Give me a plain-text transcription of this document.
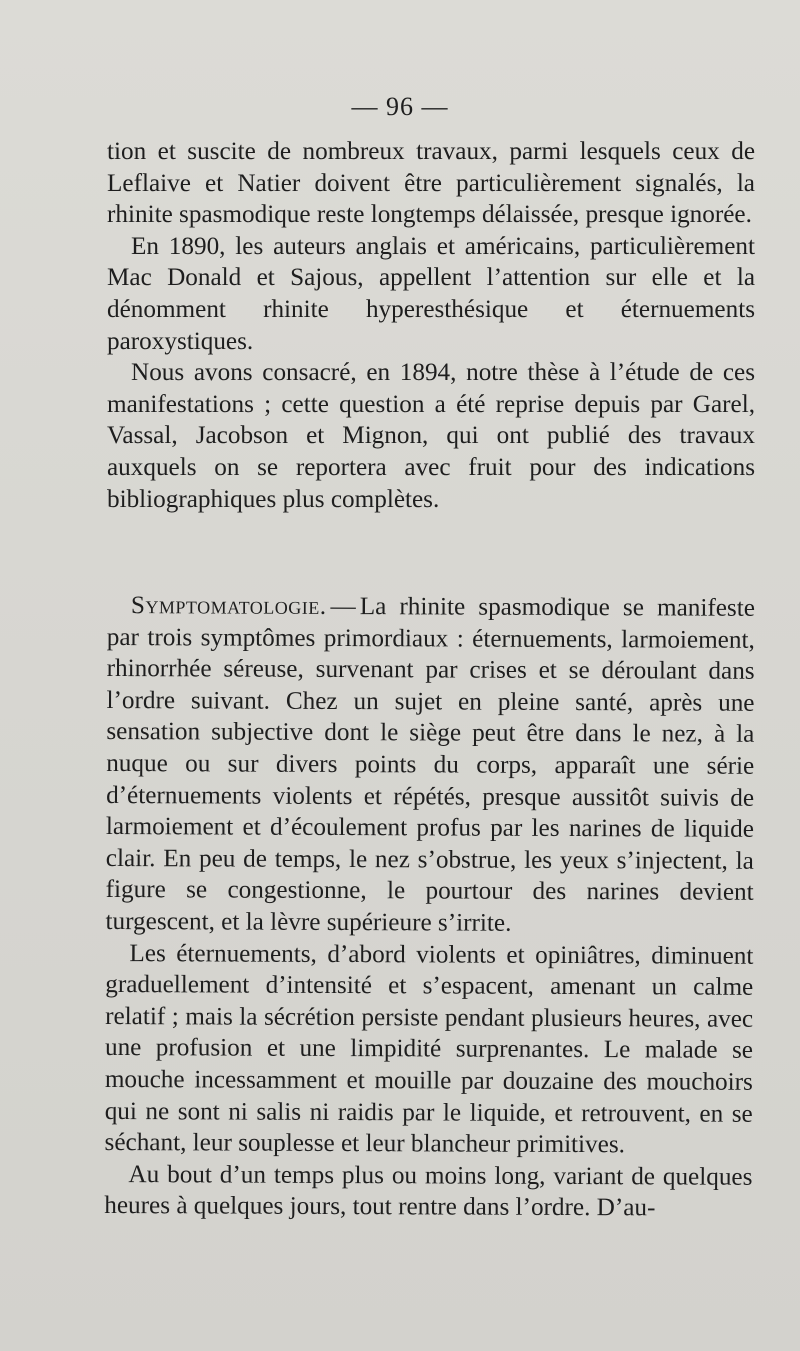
— 96 —

tion et suscite de nombreux travaux, parmi lesquels ceux de Leflaive et Natier doivent être particulièrement signalés, la rhinite spasmodique reste longtemps délaissée, presque ignorée.

En 1890, les auteurs anglais et américains, particulièrement Mac Donald et Sajous, appellent l’attention sur elle et la dénomment rhinite hyperesthésique et éternuements paroxystiques.

Nous avons consacré, en 1894, notre thèse à l’étude de ces manifestations ; cette question a été reprise depuis par Garel, Vassal, Jacobson et Mignon, qui ont publié des travaux auxquels on se reportera avec fruit pour des indications bibliographiques plus complètes.

Symptomatologie. — La rhinite spasmodique se manifeste par trois symptômes primordiaux : éternuements, larmoiement, rhinorrhée séreuse, survenant par crises et se déroulant dans l’ordre suivant. Chez un sujet en pleine santé, après une sensation subjective dont le siège peut être dans le nez, à la nuque ou sur divers points du corps, apparaît une série d’éternuements violents et répétés, presque aussitôt suivis de larmoiement et d’écoulement profus par les narines de liquide clair. En peu de temps, le nez s’obstrue, les yeux s’injectent, la figure se congestionne, le pourtour des narines devient turgescent, et la lèvre supérieure s’irrite.

Les éternuements, d’abord violents et opiniâtres, diminuent graduellement d’intensité et s’espacent, amenant un calme relatif ; mais la sécrétion persiste pendant plusieurs heures, avec une profusion et une limpidité surprenantes. Le malade se mouche incessamment et mouille par douzaine des mouchoirs qui ne sont ni salis ni raidis par le liquide, et retrouvent, en se séchant, leur souplesse et leur blancheur primitives.

Au bout d’un temps plus ou moins long, variant de quelques heures à quelques jours, tout rentre dans l’ordre. D’au-
